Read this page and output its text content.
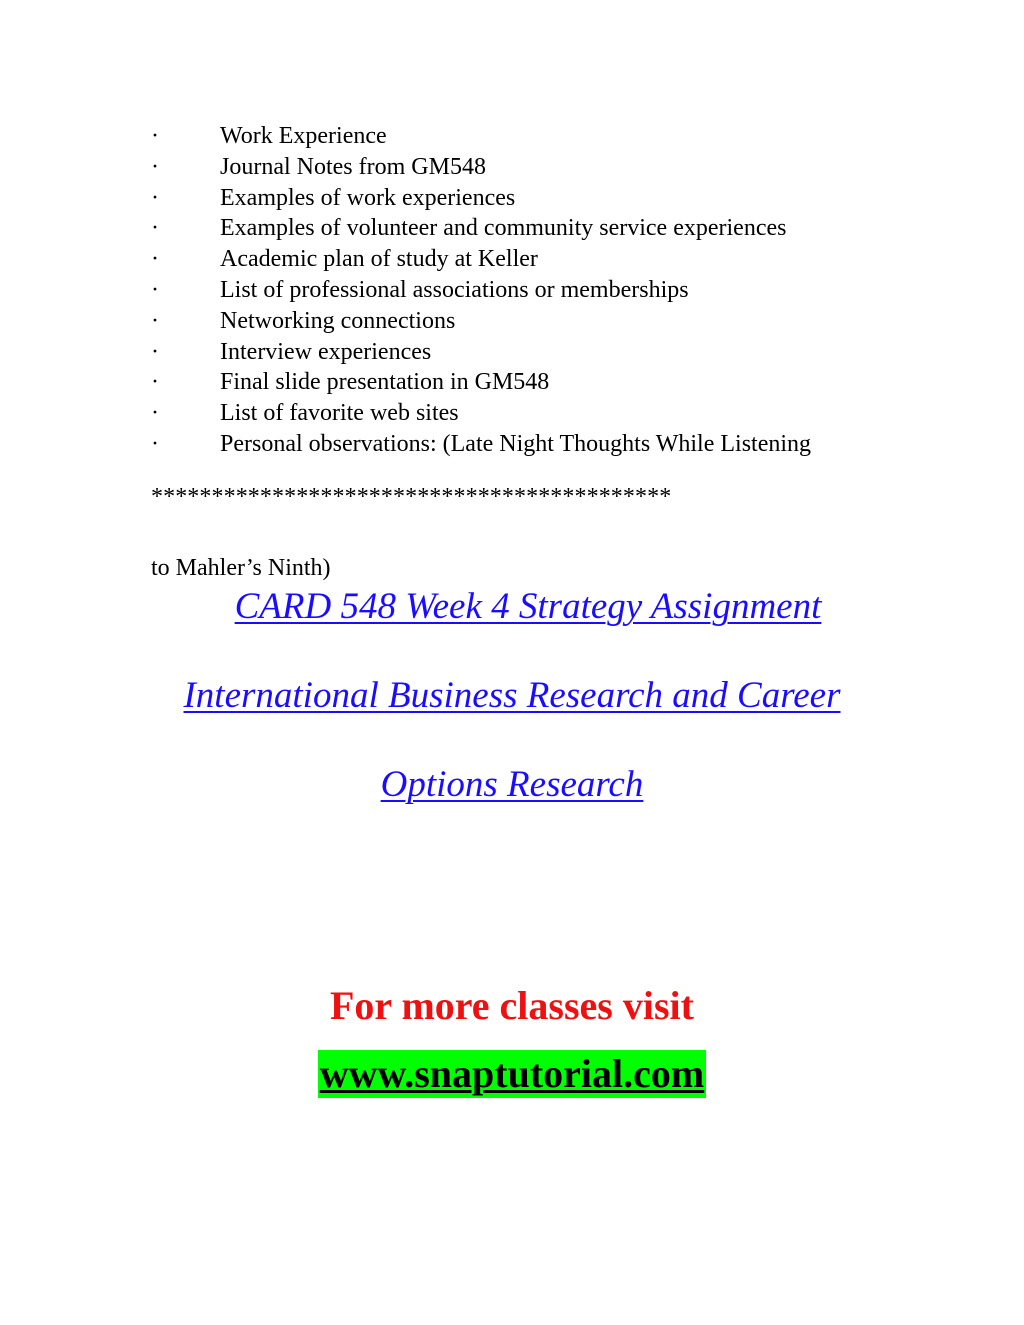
·	Work Experience
·	Journal Notes from GM548
·	Examples of work experiences
·	Examples of volunteer and community service experiences
·	Academic plan of study at Keller
·	List of professional associations or memberships
·	Networking connections
·	Interview experiences
·	Final slide presentation in GM548
·	List of favorite web sites
·	Personal observations: (Late Night Thoughts While Listening
*******************************************
to Mahler’s Ninth)
CARD 548 Week 4 Strategy Assignment
International Business Research and Career
Options Research
For more classes visit
www.snaptutorial.com
